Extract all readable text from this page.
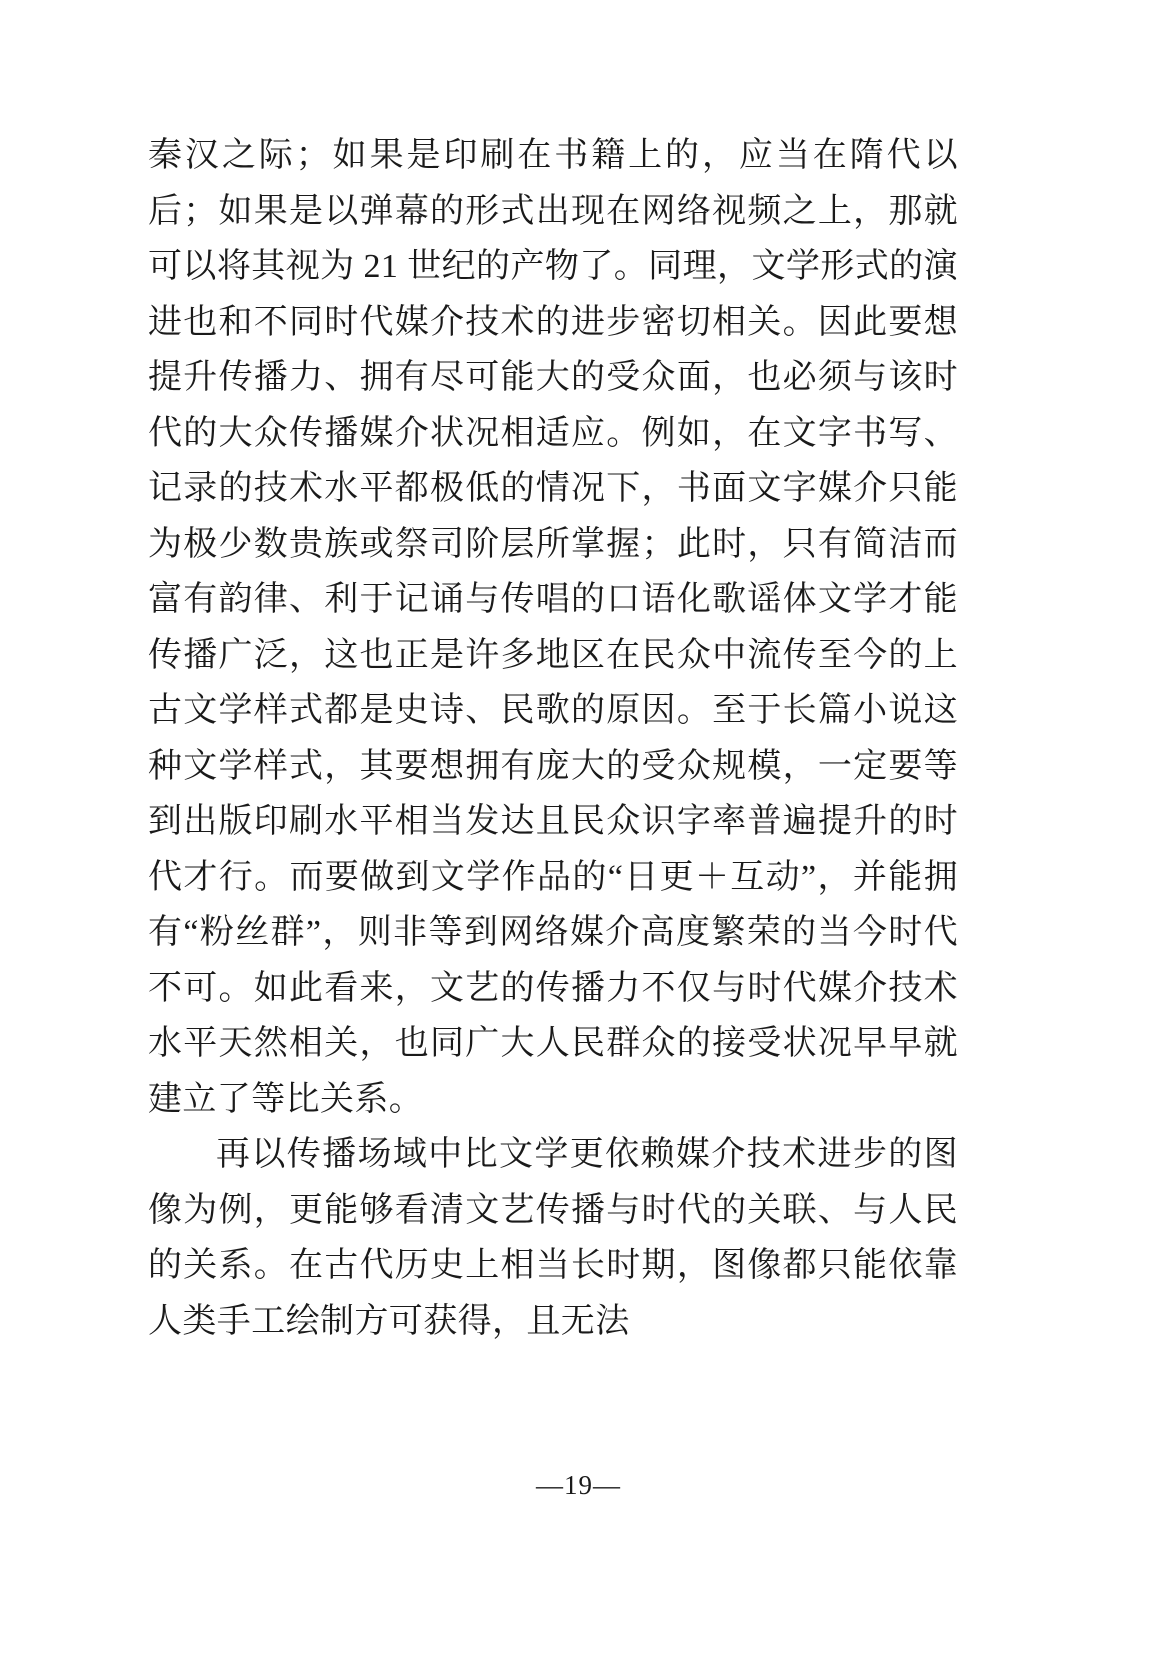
秦汉之际；如果是印刷在书籍上的，应当在隋代以后；如果是以弹幕的形式出现在网络视频之上，那就可以将其视为 21 世纪的产物了。同理，文学形式的演进也和不同时代媒介技术的进步密切相关。因此要想提升传播力、拥有尽可能大的受众面，也必须与该时代的大众传播媒介状况相适应。例如，在文字书写、记录的技术水平都极低的情况下，书面文字媒介只能为极少数贵族或祭司阶层所掌握；此时，只有简洁而富有韵律、利于记诵与传唱的口语化歌谣体文学才能传播广泛，这也正是许多地区在民众中流传至今的上古文学样式都是史诗、民歌的原因。至于长篇小说这种文学样式，其要想拥有庞大的受众规模，一定要等到出版印刷水平相当发达且民众识字率普遍提升的时代才行。而要做到文学作品的“日更＋互动”，并能拥有“粉丝群”，则非等到网络媒介高度繁荣的当今时代不可。如此看来，文艺的传播力不仅与时代媒介技术水平天然相关，也同广大人民群众的接受状况早早就建立了等比关系。

再以传播场域中比文学更依赖媒介技术进步的图像为例，更能够看清文艺传播与时代的关联、与人民的关系。在古代历史上相当长时期，图像都只能依靠人类手工绘制方可获得，且无法

—19—
